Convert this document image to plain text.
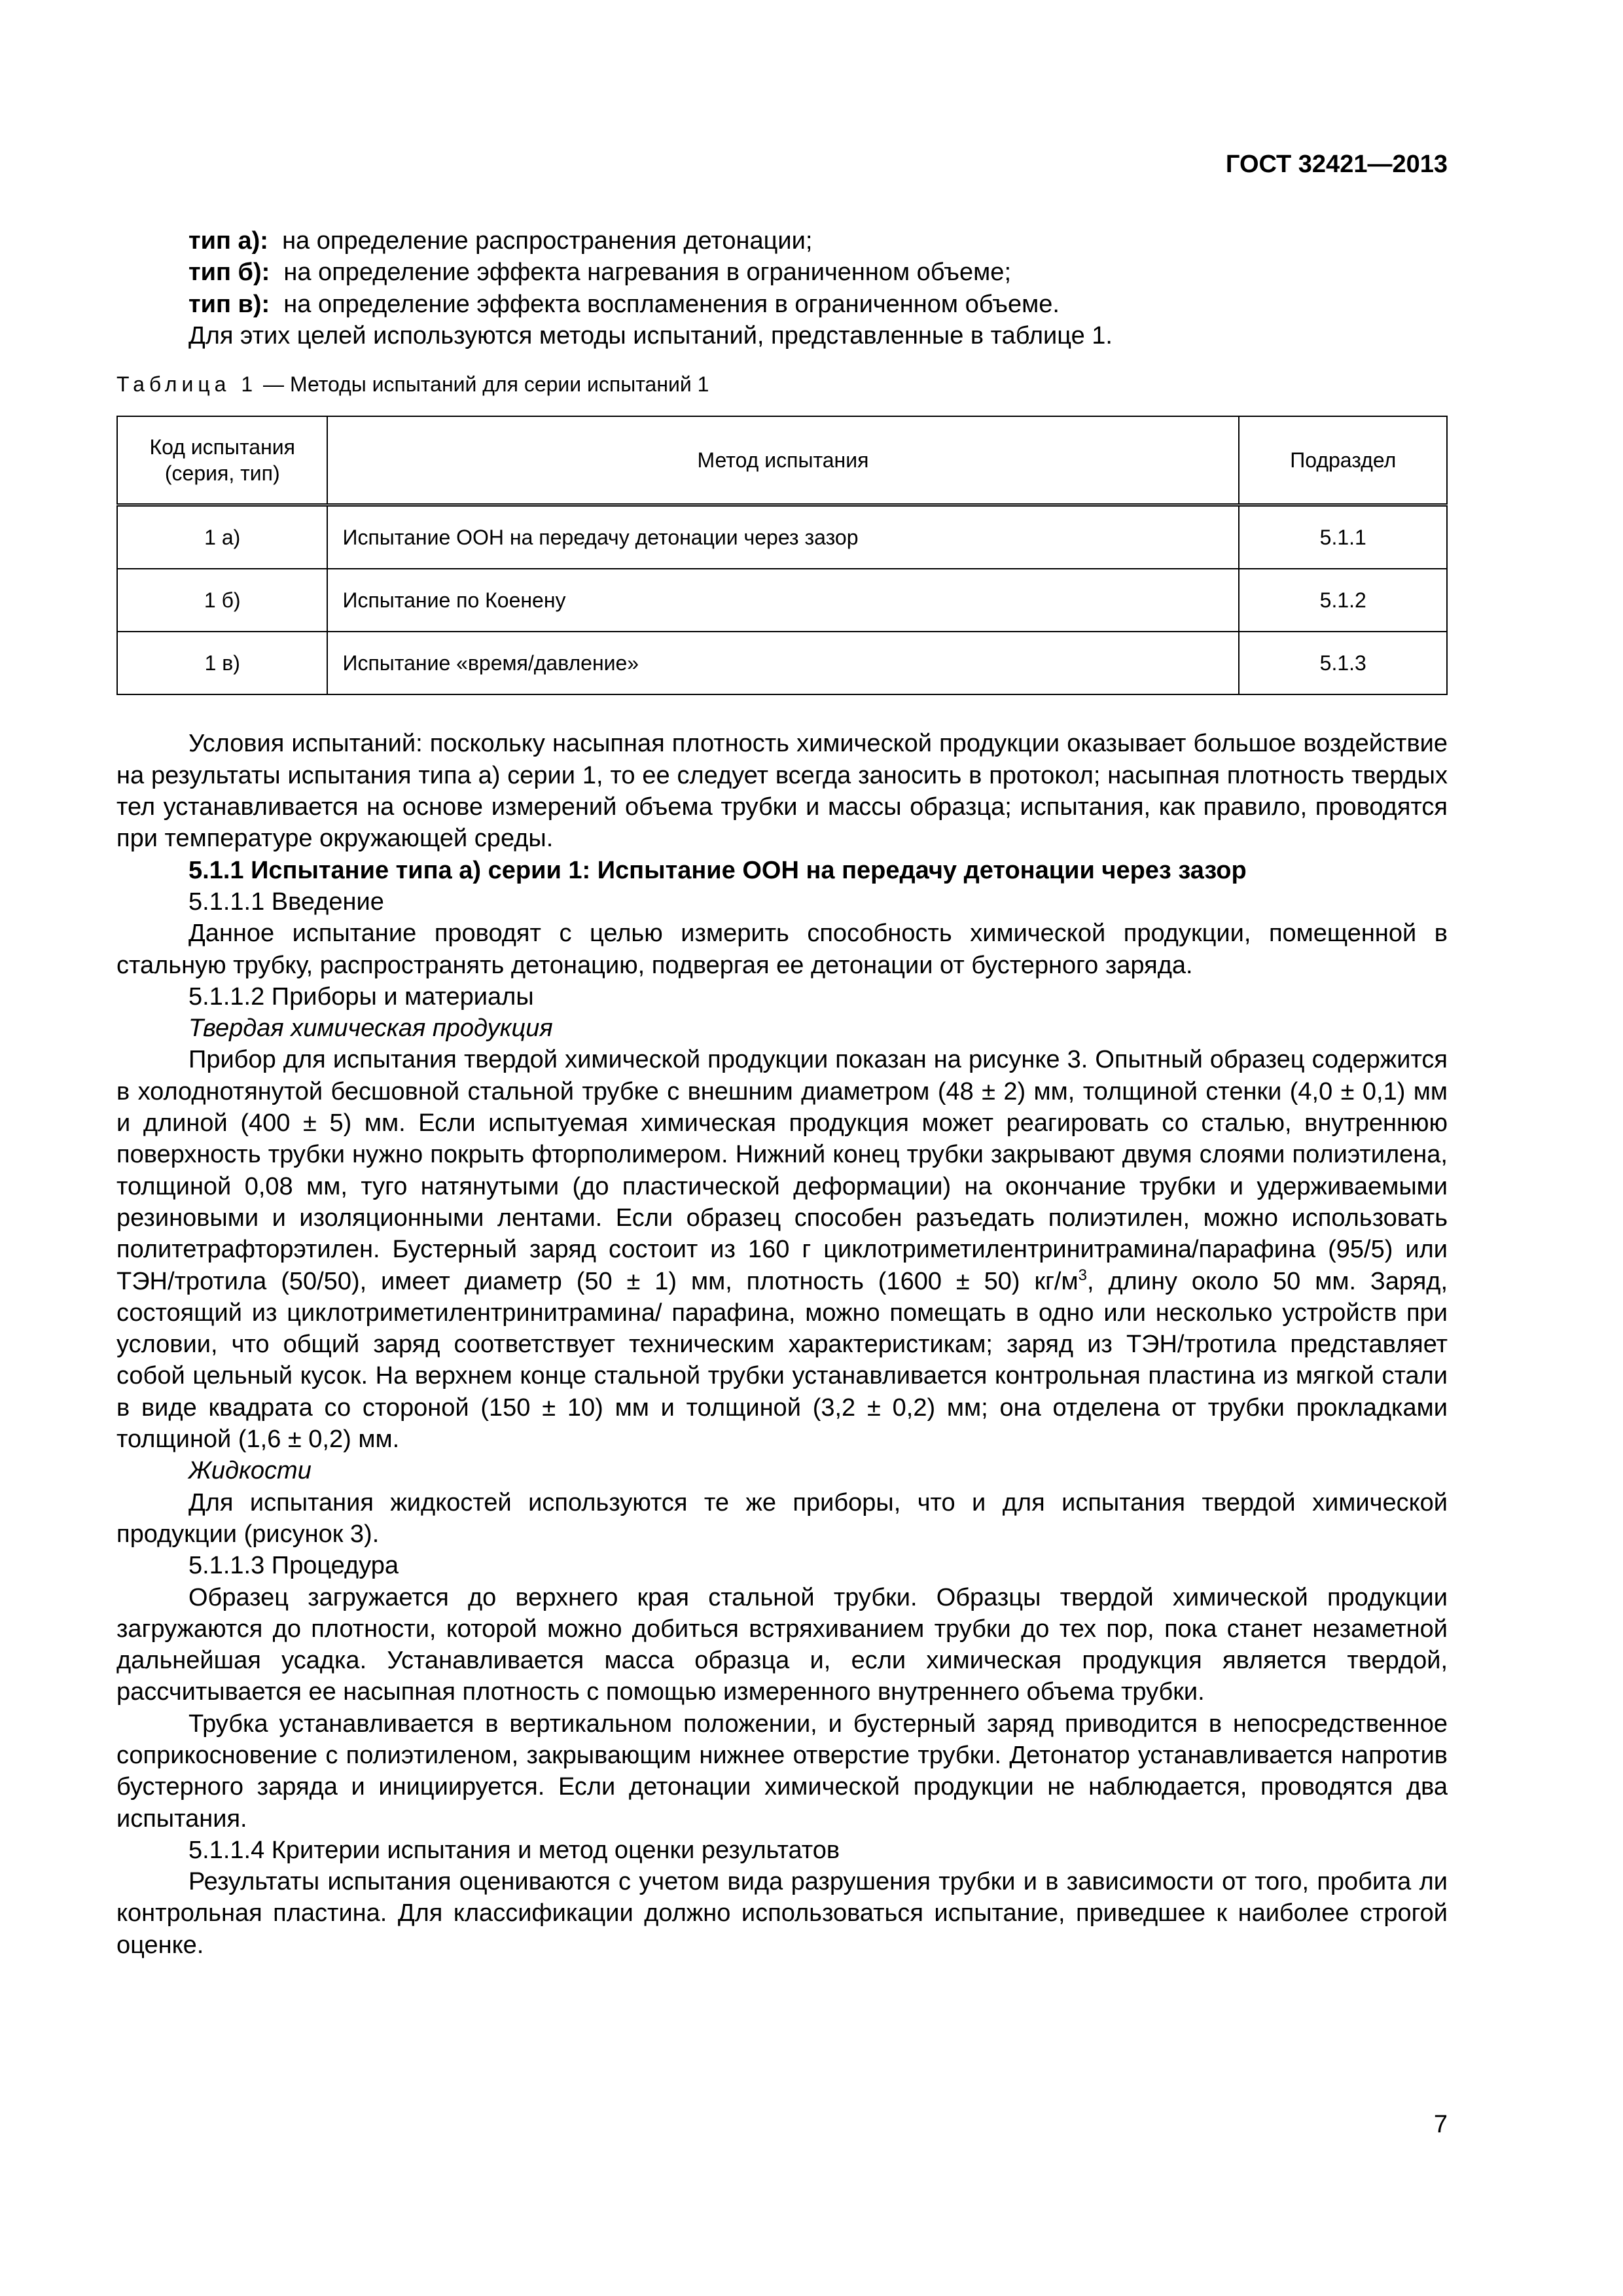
ГОСТ 32421—2013
тип а): на определение распространения детонации;
тип б): на определение эффекта нагревания в ограниченном объеме;
тип в): на определение эффекта воспламенения в ограниченном объеме.

Для этих целей используются методы испытаний, представленные в таблице 1.

Таблица 1 — Методы испытаний для серии испытаний 1

Код испытания (серия, тип)	Метод испытания	Подраздел
1 а)	Испытание ООН на передачу детонации через зазор	5.1.1
1 б)	Испытание по Коенену	5.1.2
1 в)	Испытание «время/давление»	5.1.3

Условия испытаний: поскольку насыпная плотность химической продукции оказывает большое воздействие на результаты испытания типа а) серии 1, то ее следует всегда заносить в протокол; насыпная плотность твердых тел устанавливается на основе измерений объема трубки и массы образца; испытания, как правило, проводятся при температуре окружающей среды.

5.1.1 Испытание типа а) серии 1: Испытание ООН на передачу детонации через зазор

5.1.1.1 Введение

Данное испытание проводят с целью измерить способность химической продукции, помещенной в стальную трубку, распространять детонацию, подвергая ее детонации от бустерного заряда.

5.1.1.2 Приборы и материалы

Твердая химическая продукция

Прибор для испытания твердой химической продукции показан на рисунке 3. Опытный образец содержится в холоднотянутой бесшовной стальной трубке с внешним диаметром (48 ± 2) мм, толщиной стенки (4,0 ± 0,1) мм и длиной (400 ± 5) мм. Если испытуемая химическая продукция может реагировать со сталью, внутреннюю поверхность трубки нужно покрыть фторполимером. Нижний конец трубки закрывают двумя слоями полиэтилена, толщиной 0,08 мм, туго натянутыми (до пластической деформации) на окончание трубки и удерживаемыми резиновыми и изоляционными лентами. Если образец способен разъедать полиэтилен, можно использовать политетрафторэтилен. Бустерный заряд состоит из 160 г циклотриметилентринитрамина/парафина (95/5) или ТЭН/тротила (50/50), имеет диаметр (50 ± 1) мм, плотность (1600 ± 50) $кг/м^3$, длину около 50 мм. Заряд, состоящий из циклотриметилентринитрамина/ парафина, можно помещать в одно или несколько устройств при условии, что общий заряд соответствует техническим характеристикам; заряд из ТЭН/тротила представляет собой цельный кусок. На верхнем конце стальной трубки устанавливается контрольная пластина из мягкой стали в виде квадрата со стороной (150 ± 10) мм и толщиной (3,2 ± 0,2) мм; она отделена от трубки прокладками толщиной (1,6 ± 0,2) мм.

Жидкости

Для испытания жидкостей используются те же приборы, что и для испытания твердой химической продукции (рисунок 3).

5.1.1.3 Процедура

Образец загружается до верхнего края стальной трубки. Образцы твердой химической продукции загружаются до плотности, которой можно добиться встряхиванием трубки до тех пор, пока станет незаметной дальнейшая усадка. Устанавливается масса образца и, если химическая продукция является твердой, рассчитывается ее насыпная плотность с помощью измеренного внутреннего объема трубки.

Трубка устанавливается в вертикальном положении, и бустерный заряд приводится в непосредственное соприкосновение с полиэтиленом, закрывающим нижнее отверстие трубки. Детонатор устанавливается напротив бустерного заряда и инициируется. Если детонации химической продукции не наблюдается, проводятся два испытания.

5.1.1.4 Критерии испытания и метод оценки результатов

Результаты испытания оцениваются с учетом вида разрушения трубки и в зависимости от того, пробита ли контрольная пластина. Для классификации должно использоваться испытание, приведшее к наиболее строгой оценке.

7
